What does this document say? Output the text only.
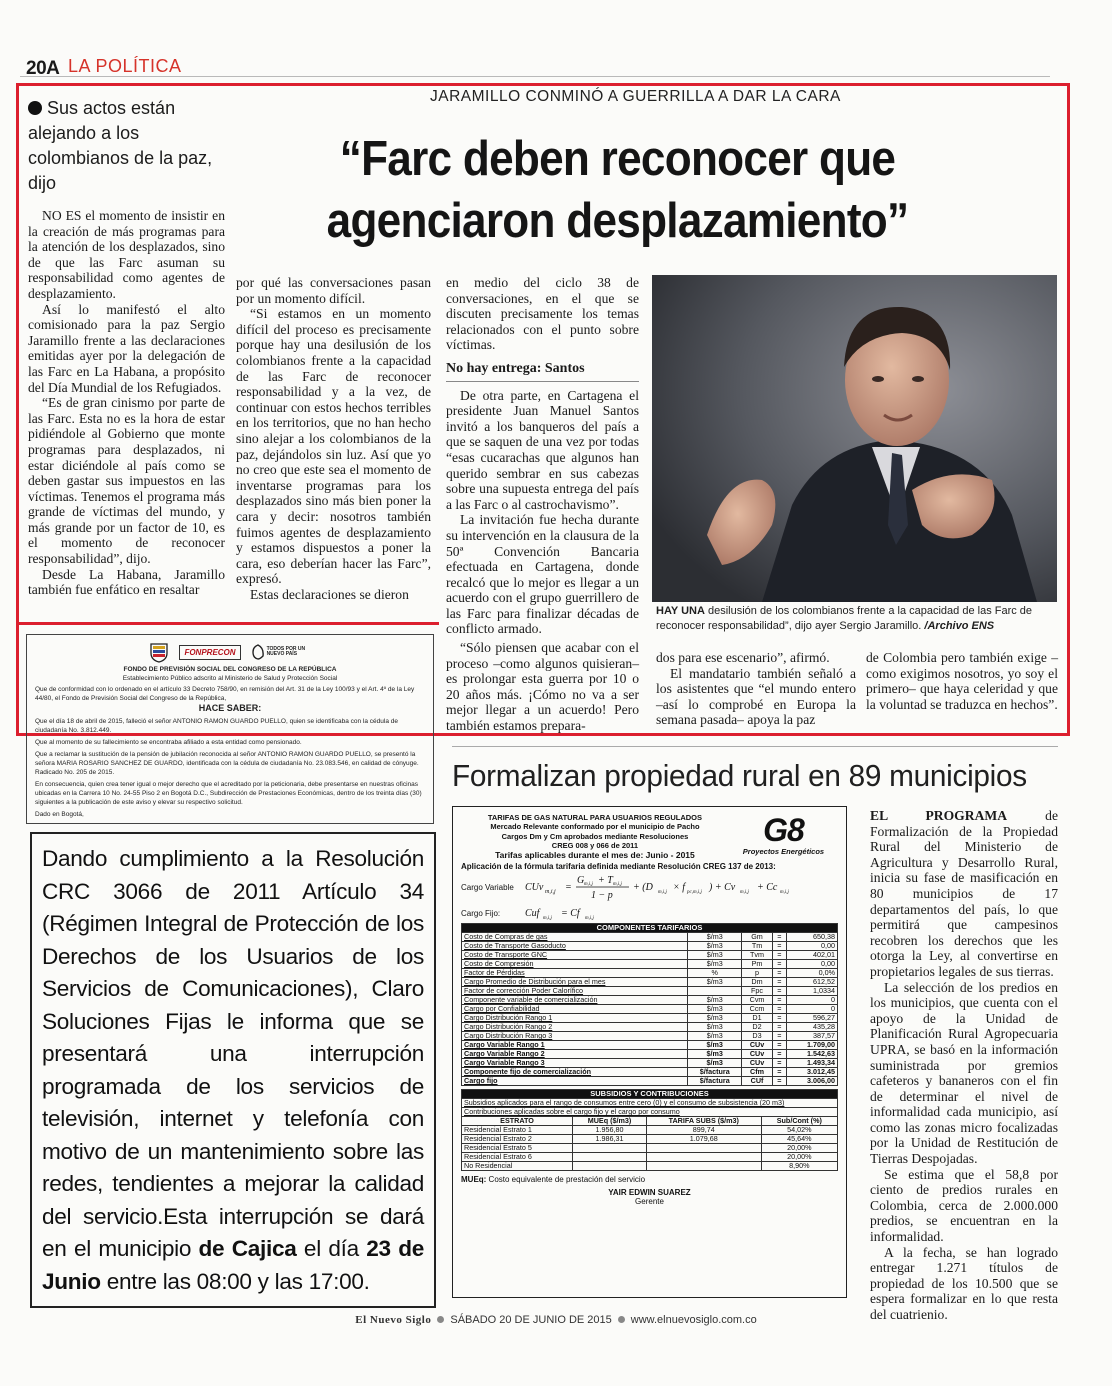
20A LA POLÍTICA
JARAMILLO CONMINÓ A GUERRILLA A DAR LA CARA
“Farc deben reconocer que
agenciaron desplazamiento”
Sus actos están alejando a los colombianos de la paz, dijo

NO ES el momento de insistir en la creación de más programas para la atención de los desplazados, sino de que las Farc asuman su responsabilidad como agentes de desplazamiento.

Así lo manifestó el alto comisionado para la paz Sergio Jaramillo frente a las declaraciones emitidas ayer por la delegación de las Farc en La Habana, a propósito del Día Mundial de los Refugiados.

“Es de gran cinismo por parte de las Farc. Esta no es la hora de estar pidiéndole al Gobierno que monte programas para desplazados, ni estar diciéndole al país como se deben gastar sus impuestos en las víctimas. Tenemos el programa más grande de víctimas del mundo, y más grande por un factor de 10, es el momento de reconocer responsabilidad”, dijo.

Desde La Habana, Jaramillo también fue enfático en resaltar

por qué las conversaciones pasan por un momento difícil.

“Si estamos en un momento difícil del proceso es precisamente porque hay una desilusión de los colombianos frente a la capacidad de las Farc de reconocer responsabilidad y a la vez, de continuar con estos hechos terribles en los territorios, que no han hecho sino alejar a los colombianos de la paz, dejándolos sin luz. Así que yo no creo que este sea el momento de inventarse programas para los desplazados sino más bien poner la cara y decir: nosotros también fuimos agentes de desplazamiento y estamos dispuestos a poner la cara, eso deberían hacer las Farc”, expresó.

Estas declaraciones se dieron

en medio del ciclo 38 de conversaciones, en el que se discuten precisamente los temas relacionados con el punto sobre víctimas.

No hay entrega: Santos

De otra parte, en Cartagena el presidente Juan Manuel Santos invitó a los banqueros del país a que se saquen de una vez por todas “esas cucarachas que algunos han querido sembrar en sus cabezas sobre una supuesta entrega del país a las Farc o al castrochavismo”.

La invitación fue hecha durante su intervención en la clausura de la 50ª Convención Bancaria efectuada en Cartagena, donde recalcó que lo mejor es llegar a un acuerdo con el grupo guerrillero de las Farc para finalizar décadas de conflicto armado.

“Sólo piensen que acabar con el proceso –como algunos quisieran– es prolongar esta guerra por 10 o 20 años más. ¡Cómo no va a ser mejor llegar a un acuerdo! Pero también estamos prepara-

dos para ese escenario”, afirmó.

El mandatario también señaló a los asistentes que “el mundo entero –así lo comprobé en Europa la semana pasada– apoya la paz

de Colombia pero también exige –como exigimos nosotros, yo soy el primero– que haya celeridad y que la voluntad se traduzca en hechos”.

HAY UNA desilusión de los colombianos frente a la capacidad de las Farc de reconocer responsabilidad”, dijo ayer Sergio Jaramillo. /Archivo ENS
FONPRECON	TODOS POR UN NUEVO PAÍS
FONDO DE PREVISIÓN SOCIAL DEL CONGRESO DE LA REPÚBLICA
Establecimiento Público adscrito al Ministerio de Salud y Protección Social
Que de conformidad con lo ordenado en el artículo 33 Decreto 758/90, en remisión del Art. 31 de la Ley 100/93 y el Art. 4º de la Ley 44/80, el Fondo de Previsión Social del Congreso de la República,
HACE SABER:
Que el día 18 de abril de 2015, falleció el señor ANTONIO RAMON GUARDO PUELLO, quien se identificaba con la cédula de ciudadanía No. 3.812.449.
Que al momento de su fallecimiento se encontraba afiliado a esta entidad como pensionado.
Que a reclamar la sustitución de la pensión de jubilación reconocida al señor ANTONIO RAMON GUARDO PUELLO, se presentó la señora MARIA ROSARIO SANCHEZ DE GUARDO, identificada con la cédula de ciudadanía No. 23.083.546, en calidad de cónyuge. Radicado No. 205 de 2015.
En consecuencia, quien crea tener igual o mejor derecho que el acreditado por la peticionaria, debe presentarse en nuestras oficinas ubicadas en la Carrera 10 No. 24-55 Piso 2 en Bogotá D.C., Subdirección de Prestaciones Económicas, dentro de los treinta días (30) siguientes a la publicación de este aviso y elevar su respectivo solicitud.
Dado en Bogotá,
Formalizan propiedad rural en 89 municipios
Dando cumplimiento a la Resolución CRC 3066 de 2011 Artículo 34 (Régimen Integral de Protección de los Derechos de los Usuarios de los Servicios de Comunicaciones), Claro Soluciones Fijas le informa que se presentará una interrupción programada de los servicios de televisión, internet y telefonía con motivo de un mantenimiento sobre las redes, tendientes a mejorar la calidad del servicio.Esta interrupción se dará en el municipio de Cajica el día 23 de Junio entre las 08:00 y las 17:00.
TARIFAS DE GAS NATURAL PARA USUARIOS REGULADOS
Mercado Relevante conformado por el municipio de Pacho
Cargos Dm y Cm aprobados mediante Resoluciones
CREG 008 y 066 de 2011
Tarifas aplicables durante el mes de: Junio - 2015
G8
Proyectos Energéticos
Aplicación de la fórmula tarifaria definida mediante Resolución CREG 137 de 2013:
Cargo Variable	CUv m,i,j =
G m,i,j + T m,i,j
1 − p
+ (D m,i,j × f pc,m,i,j ) + Cv m,i,j + Cc m,i,j
Cargo Fijo:	Cuf m,i,j = Cf m,i,j
COMPONENTES TARIFARIOS				
Costo de Compras de gas	$/m3	Gm	=	650,38
Costo de Transporte Gasoducto	$/m3	Tm	=	0,00
Costo de Transporte GNC	$/m3	Tvm	=	402,01
Costo de Compresión	$/m3	Pm	=	0,00
Factor de Pérdidas	%	p	=	0,0%
Cargo Promedio de Distribución para el mes	$/m3	Dm	=	612,52
Factor de corrección Poder Calorífico		Fpc	=	1,0334
Componente variable de comercialización	$/m3	Cvm	=	0
Cargo por Confiabilidad	$/m3	Ccm	=	0
Cargo Distribución Rango 1	$/m3	D1	=	596,27
Cargo Distribución Rango 2	$/m3	D2	=	435,28
Cargo Distribución Rango 3	$/m3	D3	=	387,57
Cargo Variable Rango 1	$/m3	CUv	=	1.709,00
Cargo Variable Rango 2	$/m3	CUv	=	1.542,63
Cargo Variable Rango 3	$/m3	CUv	=	1.493,34
Componente fijo de comercialización	$/factura	Cfm	=	3.012,45
Cargo fijo	$/factura	CUf	=	3.006,00
SUBSIDIOS Y CONTRIBUCIONES			
Subsidios aplicados para el rango de consumos entre cero (0) y el consumo de subsistencia (20 m3)			
Contribuciones aplicadas sobre el cargo fijo y el cargo por consumo			
ESTRATO	MUEq ($/m3)	TARIFA SUBS ($/m3)	Sub/Cont (%)
Residencial Estrato 1	1.956,80	899,74	54,02%
Residencial Estrato 2	1.986,31	1.079,68	45,64%
Residencial Estrato 5			20,00%
Residencial Estrato 6			20,00%
No Residencial			8,90%
MUEq: Costo equivalente de prestación del servicio
YAIR EDWIN SUAREZ
Gerente

EL PROGRAMA de Formalización de la Propiedad Rural del Ministerio de Agricultura y Desarrollo Rural, inicia su fase de masificación en 80 municipios de 17 departamentos del país, lo que permitirá que campesinos recobren los derechos que les otorga la Ley, al convertirse en propietarios legales de sus tierras.

La selección de los predios en los municipios, que cuenta con el apoyo de la Unidad de Planificación Rural Agropecuaria UPRA, se basó en la información suministrada por gremios cafeteros y bananeros con el fin de determinar el nivel de informalidad cada municipio, así como las zonas micro focalizadas por la Unidad de Restitución de Tierras Despojadas.

Se estima que el 58,8 por ciento de predios rurales en Colombia, cerca de 2.000.000 predios, se encuentran en la informalidad.

A la fecha, se han logrado entregar 1.271 títulos de propiedad de los 10.500 que se espera formalizar en lo que resta del cuatrienio.

El Nuevo Siglo SÁBADO 20 DE JUNIO DE 2015 www.elnuevosiglo.com.co
